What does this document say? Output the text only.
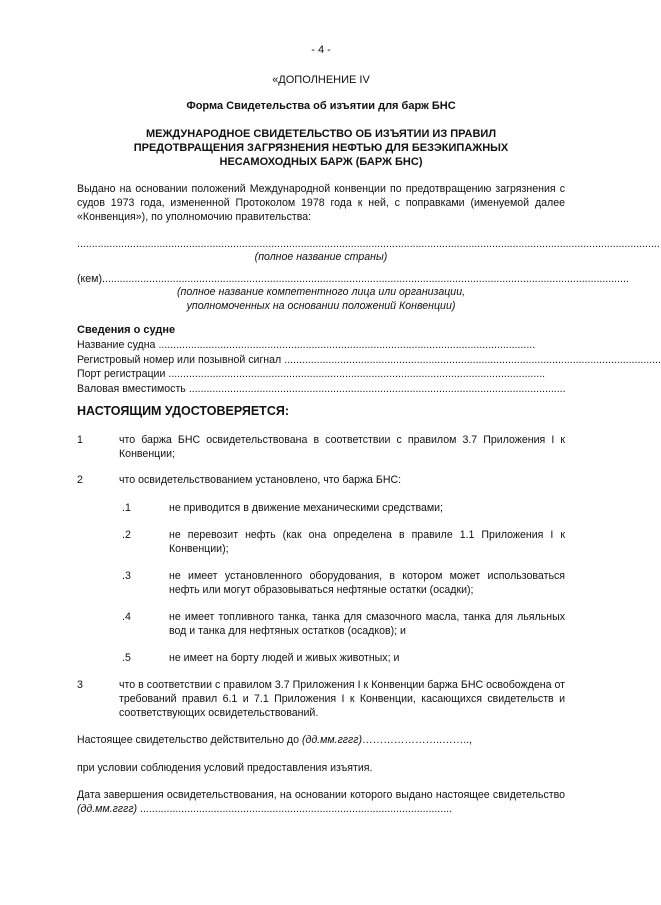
- 4 -
«ДОПОЛНЕНИЕ IV
Форма Свидетельства об изъятии для барж БНС
МЕЖДУНАРОДНОЕ СВИДЕТЕЛЬСТВО ОБ ИЗЪЯТИИ ИЗ ПРАВИЛ
ПРЕДОТВРАЩЕНИЯ ЗАГРЯЗНЕНИЯ НЕФТЬЮ ДЛЯ БЕЗЭКИПАЖНЫХ
НЕСАМОХОДНЫХ БАРЖ (БАРЖ БНС)
Выдано на основании положений Международной конвенции по предотвращению загрязнения с судов 1973 года, измененной Протоколом 1978 года к ней, с поправками (именуемой далее «Конвенция»), по уполномочию правительства:
......................................................................................................................................................................................................
(полное название страны)
(кем)...................................................................................................................................................................................
(полное название компетентного лица или организации,
уполномоченных на основании положений Конвенции)
Сведения о судне
Название судна ................................................................................................................................
Регистровый номер или позывной сигнал ................................................................................................................................
Порт регистрации ................................................................................................................................
Валовая вместимость ................................................................................................................................
НАСТОЯЩИМ УДОСТОВЕРЯЕТСЯ:
1	что баржа БНС освидетельствована в соответствии с правилом 3.7 Приложения I к Конвенции;
2	что освидетельствованием установлено, что баржа БНС:
.1	не приводится в движение механическими средствами;
.2	не перевозит нефть (как она определена в правиле 1.1 Приложения I к Конвенции);
.3	не имеет установленного оборудования, в котором может использоваться нефть или могут образовываться нефтяные остатки (осадки);
.4	не имеет топливного танка, танка для смазочного масла, танка для льяльных вод и танка для нефтяных остатков (осадков); и
.5	не имеет на борту людей и живых животных; и
3	что в соответствии с правилом 3.7 Приложения I к Конвенции баржа БНС освобождена от требований правил 6.1 и 7.1 Приложения I к Конвенции, касающихся свидетельств и соответствующих освидетельствований.
Настоящее свидетельство действительно до (дд.мм.гггг)…………………..……..,
при условии соблюдения условий предоставления изъятия.
Дата завершения освидетельствования, на основании которого выдано настоящее свидетельство (дд.мм.гггг) ..........................................................................................................
